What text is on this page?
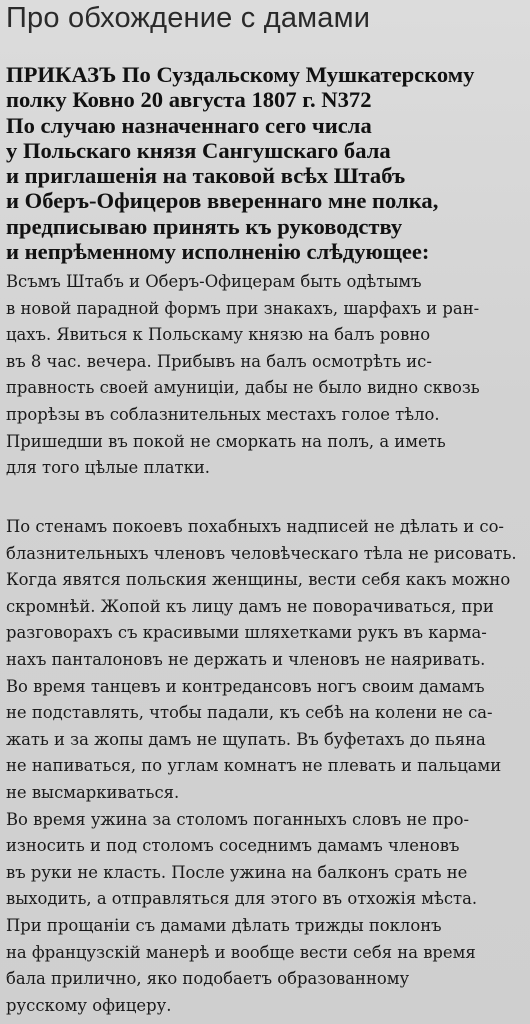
Про обхождение с дамами
ПРИКАЗЪ По Суздальскому Мушкатерскому
полку Ковно 20 августа 1807 г. N372
По случаю назначеннаго сего числа
у Польскаго князя Сангушскаго бала
и приглашенія на таковой всѣх Штабъ
и Оберъ-Офицеров ввереннаго мне полка,
предписываю принять къ руководству
и непрѣменному исполненію слѣдующее:
Всъмъ Штабъ и Оберъ-Офицерам быть одѣтымъ
в новой парадной формъ при знакахъ, шарфахъ и ран-
цахъ. Явиться к Польскаму князю на балъ ровно
въ 8 час. вечера. Прибывъ на балъ осмотрѣть ис-
правность своей амуниціи, дабы не было видно сквозь
прорѣзы въ соблазнительных местахъ голое тѣло.
Пришедши въ покой не сморкать на полъ, а иметь
для того цѣлые платки.
По стенамъ покоевъ похабныхъ надписей не дѣлать и со-
блазнительныхъ членовъ человѣческаго тѣла не рисовать.
Когда явятся польския женщины, вести себя какъ можно
скромнѣй. Жопой къ лицу дамъ не поворачиваться, при
разговорахъ съ красивыми шляхетками рукъ въ карма-
нахъ панталоновъ не держать и членовъ не наяривать.
Во время танцевъ и контредансовъ ногъ своим дамамъ
не подставлять, чтобы падали, къ себѣ на колени не са-
жать и за жопы дамъ не щупать. Въ буфетахъ до пьяна
не напиваться, по углам комнатъ не плевать и пальцами
не высмаркиваться.
Во время ужина за столомъ поганныхъ словъ не про-
износить и под столомъ соседнимъ дамамъ членовъ
въ руки не класть. После ужина на балконъ срать не
выходить, а отправляться для этого въ отхожія мѣста.
При прощаніи съ дамами дѣлать трижды поклонъ
на французскій манерѣ и вообще вести себя на время
бала прилично, яко подобаетъ образованному
русскому офицеру.
